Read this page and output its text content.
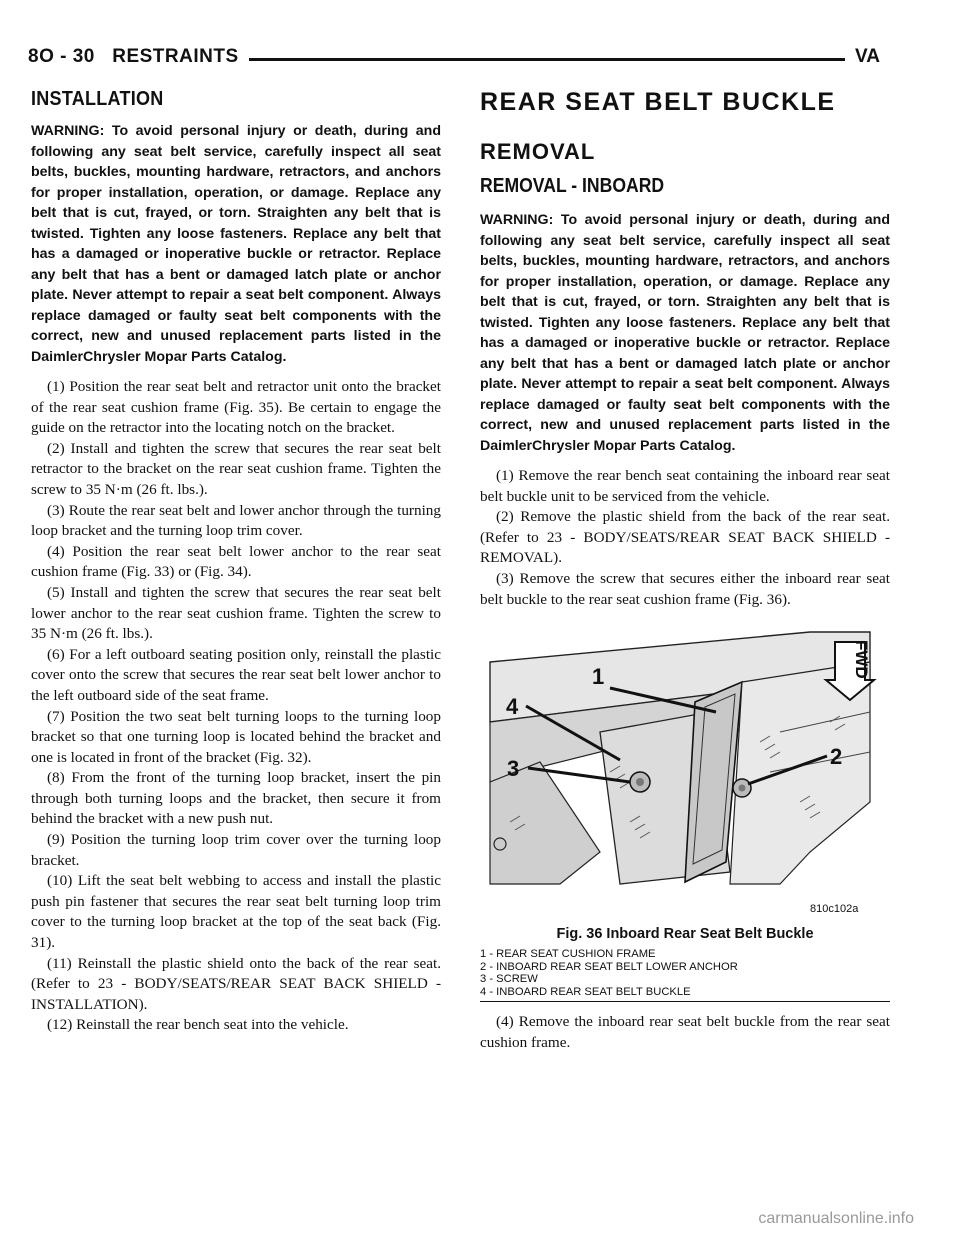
8O - 30 RESTRAINTS	VA
INSTALLATION

WARNING: To avoid personal injury or death, during and following any seat belt service, carefully inspect all seat belts, buckles, mounting hardware, retractors, and anchors for proper installation, operation, or damage. Replace any belt that is cut, frayed, or torn. Straighten any belt that is twisted. Tighten any loose fasteners. Replace any belt that has a damaged or inoperative buckle or retractor. Replace any belt that has a bent or damaged latch plate or anchor plate. Never attempt to repair a seat belt component. Always replace damaged or faulty seat belt components with the correct, new and unused replacement parts listed in the DaimlerChrysler Mopar Parts Catalog.

(1) Position the rear seat belt and retractor unit onto the bracket of the rear seat cushion frame (Fig. 35). Be certain to engage the guide on the retractor into the locating notch on the bracket.

(2) Install and tighten the screw that secures the rear seat belt retractor to the bracket on the rear seat cushion frame. Tighten the screw to 35 N·m (26 ft. lbs.).

(3) Route the rear seat belt and lower anchor through the turning loop bracket and the turning loop trim cover.

(4) Position the rear seat belt lower anchor to the rear seat cushion frame (Fig. 33) or (Fig. 34).

(5) Install and tighten the screw that secures the rear seat belt lower anchor to the rear seat cushion frame. Tighten the screw to 35 N·m (26 ft. lbs.).

(6) For a left outboard seating position only, reinstall the plastic cover onto the screw that secures the rear seat belt lower anchor to the left outboard side of the seat frame.

(7) Position the two seat belt turning loops to the turning loop bracket so that one turning loop is located behind the bracket and one is located in front of the bracket (Fig. 32).

(8) From the front of the turning loop bracket, insert the pin through both turning loops and the bracket, then secure it from behind the bracket with a new push nut.

(9) Position the turning loop trim cover over the turning loop bracket.

(10) Lift the seat belt webbing to access and install the plastic push pin fastener that secures the rear seat belt turning loop trim cover to the turning loop bracket at the top of the seat back (Fig. 31).

(11) Reinstall the plastic shield onto the back of the rear seat. (Refer to 23 - BODY/SEATS/REAR SEAT BACK SHIELD - INSTALLATION).

(12) Reinstall the rear bench seat into the vehicle.

REAR SEAT BELT BUCKLE
REMOVAL
REMOVAL - INBOARD

WARNING: To avoid personal injury or death, during and following any seat belt service, carefully inspect all seat belts, buckles, mounting hardware, retractors, and anchors for proper installation, operation, or damage. Replace any belt that is cut, frayed, or torn. Straighten any belt that is twisted. Tighten any loose fasteners. Replace any belt that has a damaged or inoperative buckle or retractor. Replace any belt that has a bent or damaged latch plate or anchor plate. Never attempt to repair a seat belt component. Always replace damaged or faulty seat belt components with the correct, new and unused replacement parts listed in the DaimlerChrysler Mopar Parts Catalog.

(1) Remove the rear bench seat containing the inboard rear seat belt buckle unit to be serviced from the vehicle.

(2) Remove the plastic shield from the back of the rear seat. (Refer to 23 - BODY/SEATS/REAR SEAT BACK SHIELD - REMOVAL).

(3) Remove the screw that secures either the inboard rear seat belt buckle to the rear seat cushion frame (Fig. 36).

1
2
3
4
FWD
810c102a
Fig. 36 Inboard Rear Seat Belt Buckle
1 - REAR SEAT CUSHION FRAME
2 - INBOARD REAR SEAT BELT LOWER ANCHOR
3 - SCREW
4 - INBOARD REAR SEAT BELT BUCKLE

(4) Remove the inboard rear seat belt buckle from the rear seat cushion frame.

carmanualsonline.info
